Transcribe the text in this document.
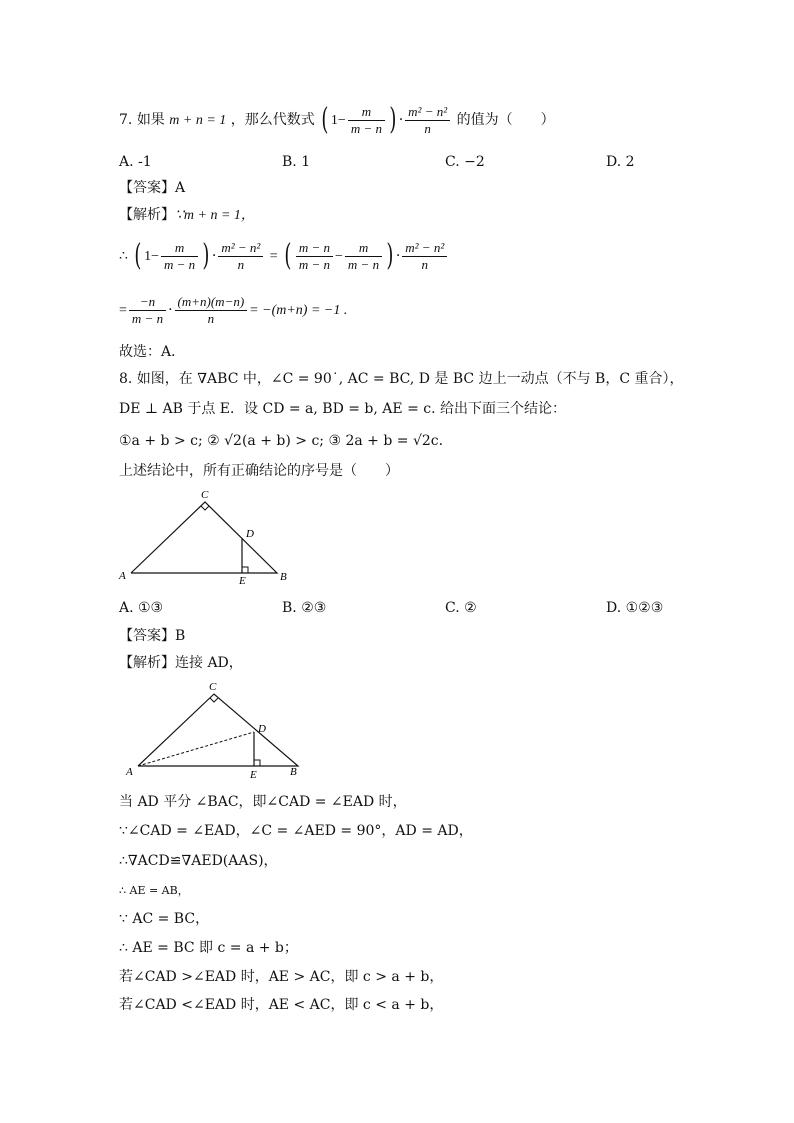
7. 如果 m + n = 1 ，那么代数式 ( $1- \frac{m}{m - n}$ ) · $\frac{\text{m² − n²}}{n}$ 的值为（　　）
A. -1	B. 1	C. −2	D. 2
【答案】A
【解析】∵m + n = 1，
∴ ( $1- \frac{m}{m - n}$ ) · $\frac{\text{m² − n²}}{n}$ = ( $\frac{m - n}{m - n} - \frac{m}{m - n}$ ) · $\frac{\text{m² − n²}}{n}$
= $\frac{-n}{m - n} \cdot \frac{(m+n)(m-n)}{n} = -(m+n) = -1$ .
故选：A．
8. 如图，在 ∇ABC 中，∠C = 90˙, AC = BC, D 是 BC 边上一动点（不与 B，C 重合），
DE ⊥ AB 于点 E．设 CD = a, BD = b, AE = c. 给出下面三个结论：
①a + b > c; ② √2(a + b) > c; ③ 2a + b = √2c.
上述结论中，所有正确结论的序号是（　　）
C
D
A	B
E
A. ①③	B. ②③	C. ②	D. ①②③
【答案】B
【解析】连接 AD，
C
D
A	B
E
当 AD 平分 ∠BAC，即∠CAD = ∠EAD 时，
∵∠CAD = ∠EAD，∠C = ∠AED = 90°，AD = AD，
∴∇ACD≌∇AED(AAS)，
∴ AE = AB，
∵ AC = BC，
∴ AE = BC 即 c = a + b；
若∠CAD >∠EAD 时，AE > AC，即 c > a + b，
若∠CAD <∠EAD 时，AE < AC，即 c < a + b，
